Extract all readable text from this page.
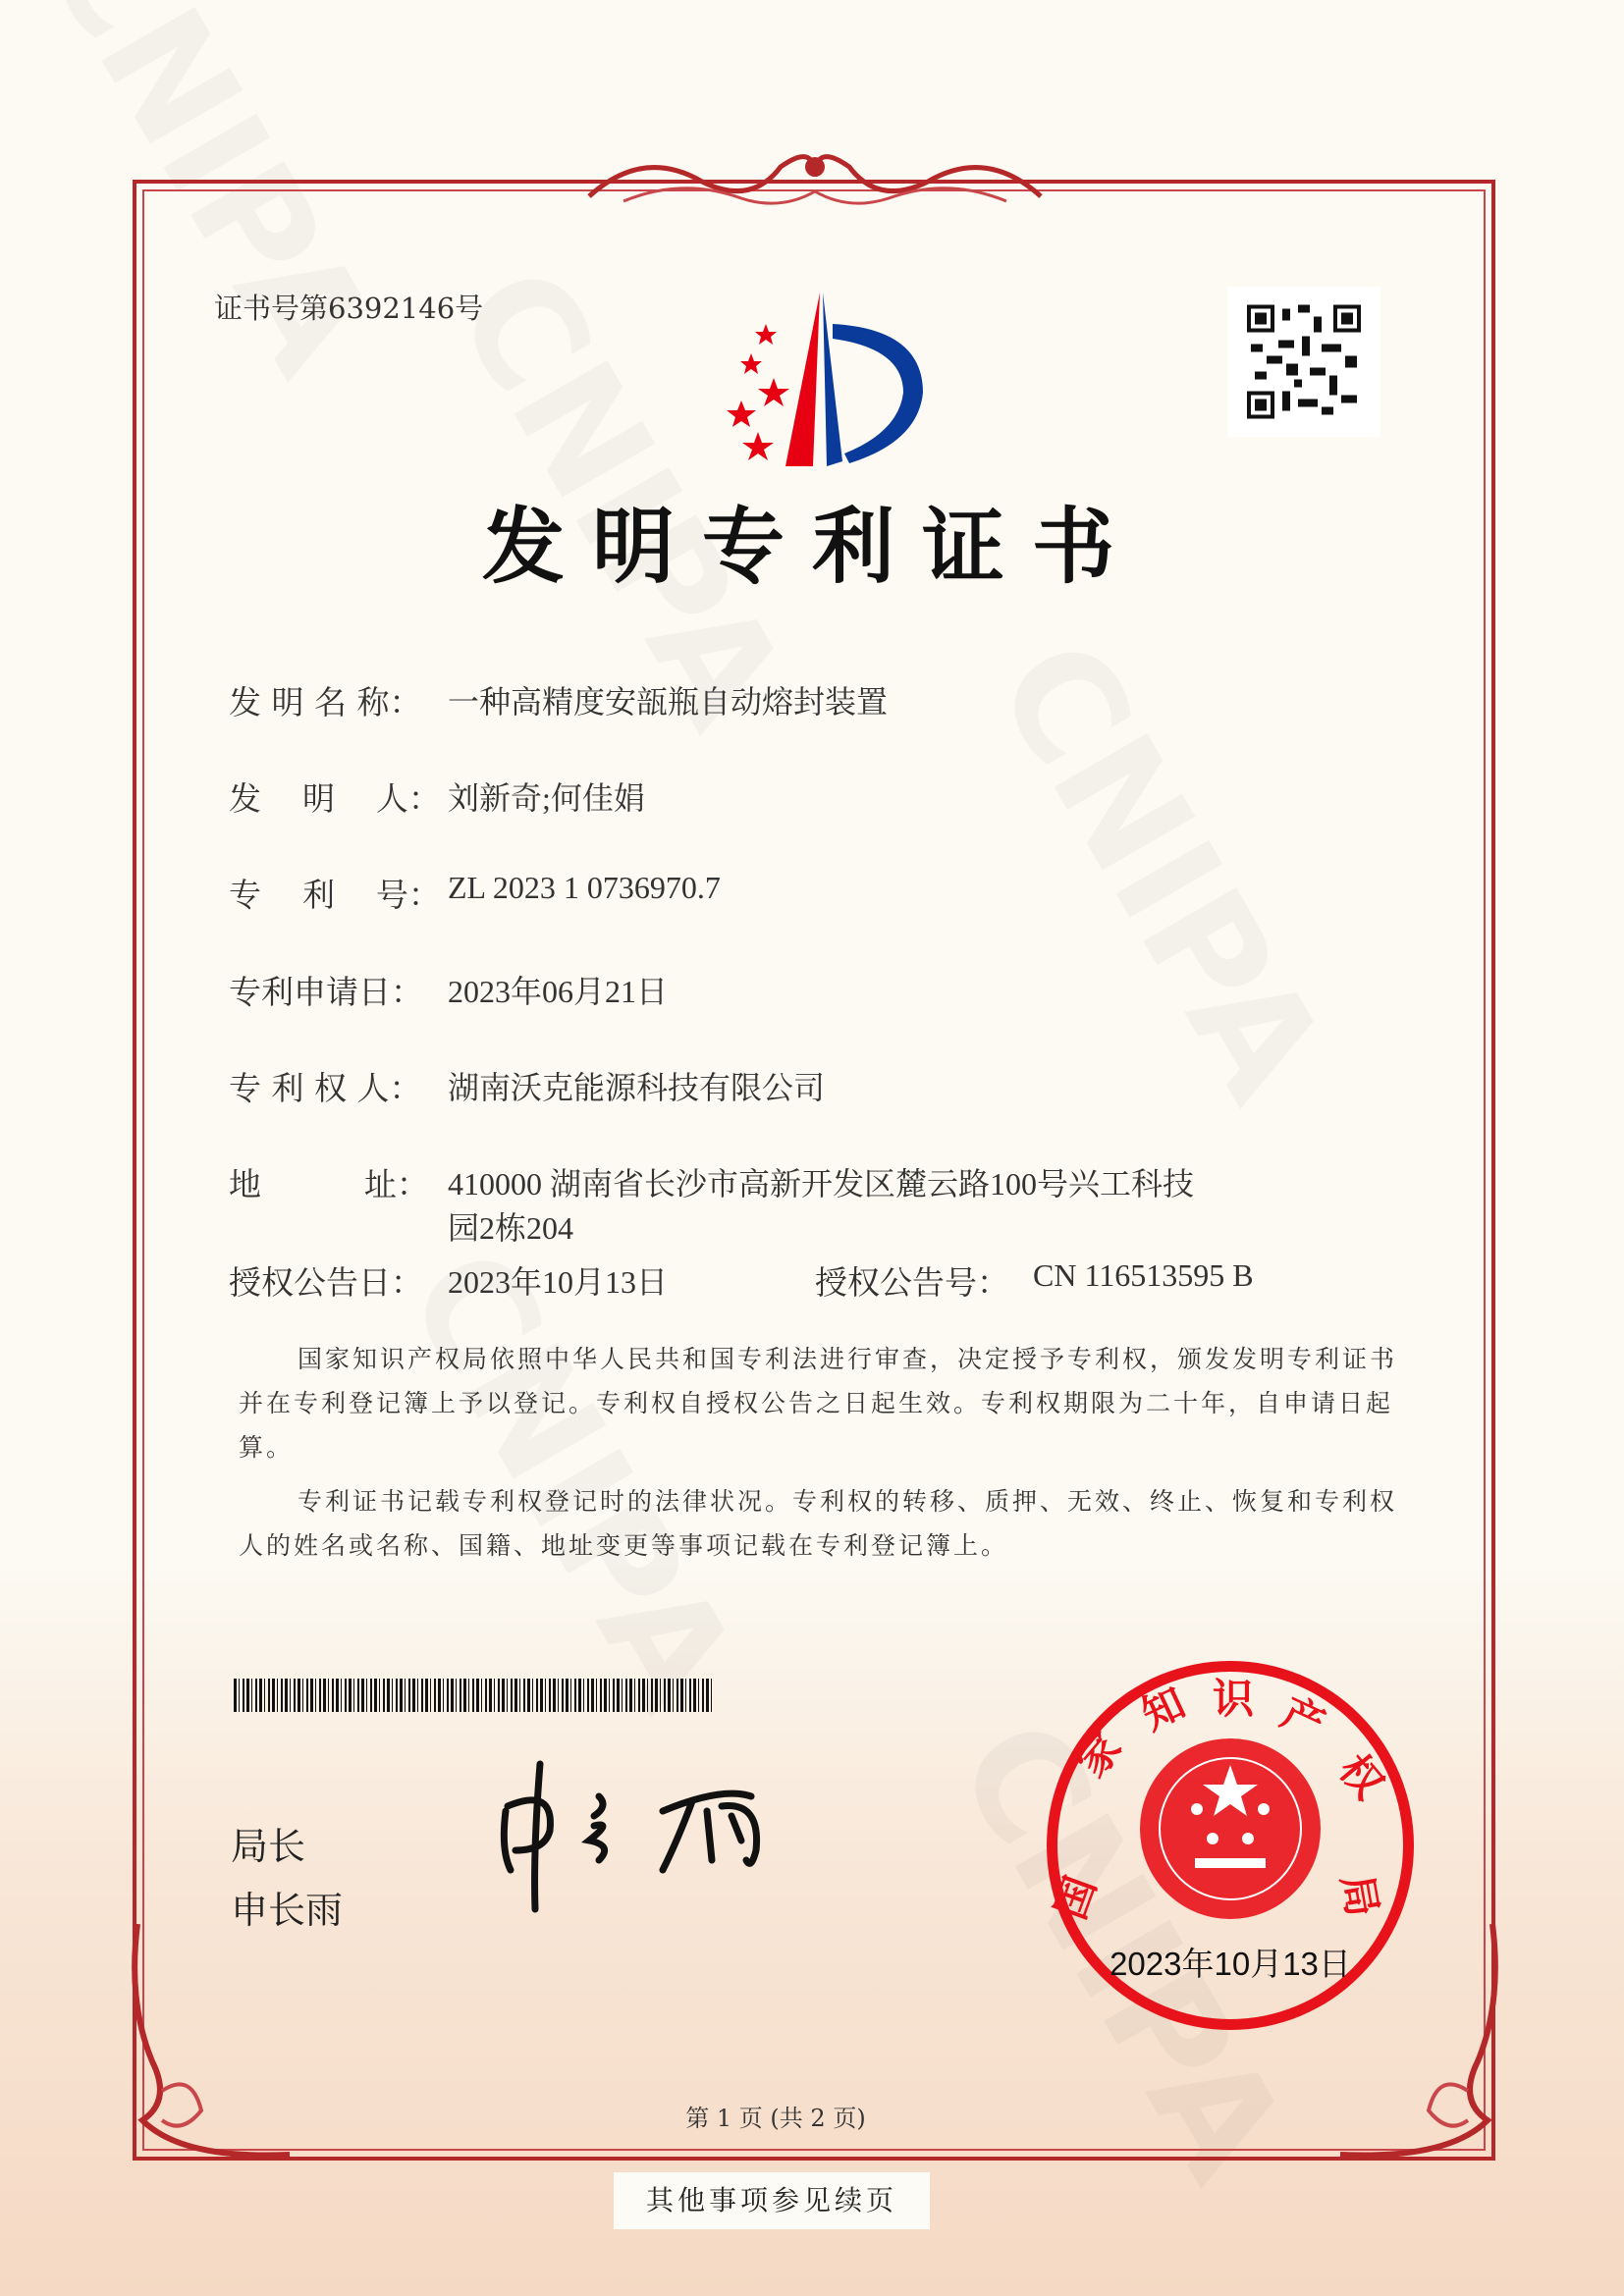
证书号第6392146号
发明专利证书
发 明 名 称： 一种高精度安瓿瓶自动熔封装置
发    明    人： 刘新奇;何佳娟
专    利    号： ZL 2023 1 0736970.7
专利申请日： 2023年06月21日
专 利 权 人： 湖南沃克能源科技有限公司
地          址： 410000 湖南省长沙市高新开发区麓云路100号兴工科技
园2栋204
授权公告日： 2023年10月13日	授权公告号： CN 116513595 B

国家知识产权局依照中华人民共和国专利法进行审查，决定授予专利权，颁发发明专利证书并在专利登记簿上予以登记。专利权自授权公告之日起生效。专利权期限为二十年，自申请日起算。

专利证书记载专利权登记时的法律状况。专利权的转移、质押、无效、终止、恢复和专利权人的姓名或名称、国籍、地址变更等事项记载在专利登记簿上。

局长
申长雨
家
知 识 产
权
局
国
2023年10月13日
第 1 页 (共 2 页)
其他事项参见续页
